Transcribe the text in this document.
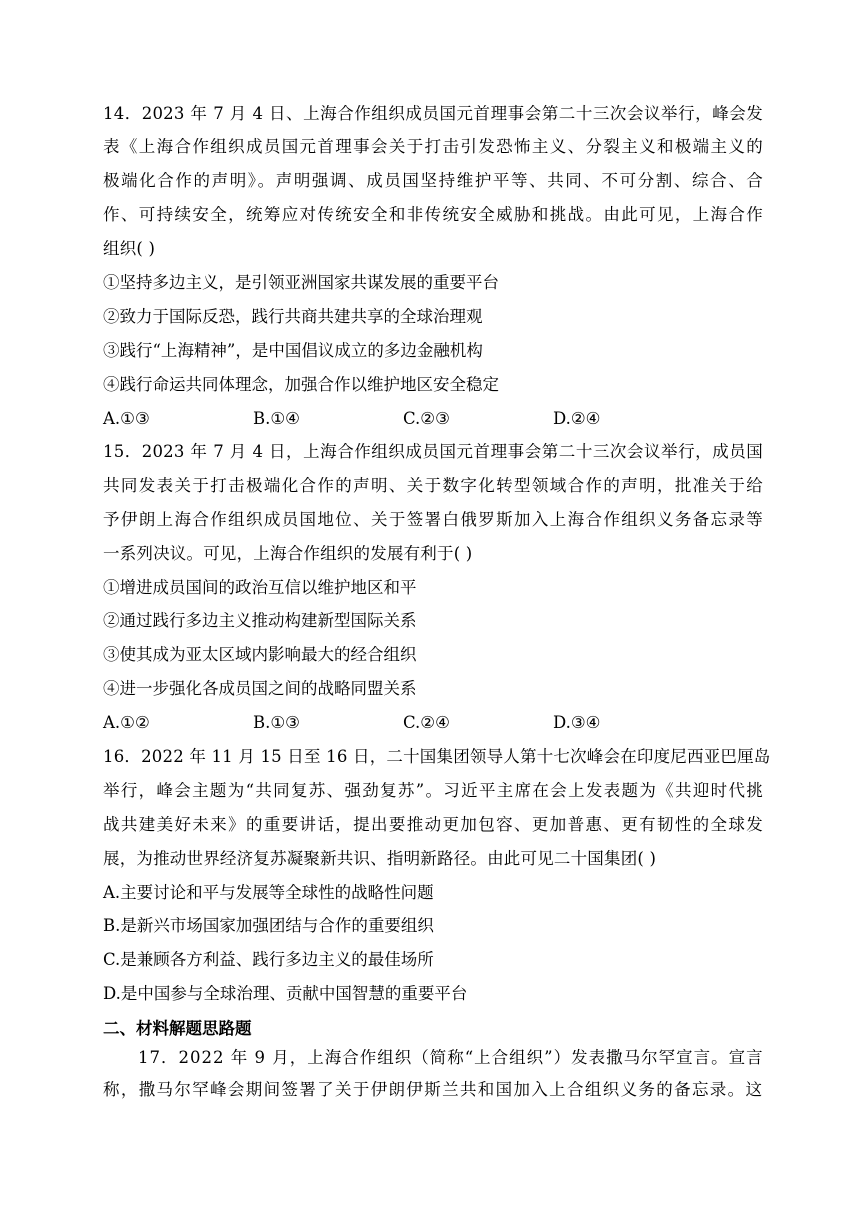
14．2023 年 7 月 4 日、上海合作组织成员国元首理事会第二十三次会议举行，峰会发
表《上海合作组织成员国元首理事会关于打击引发恐怖主义、分裂主义和极端主义的
极端化合作的声明》。声明强调、成员国坚持维护平等、共同、不可分割、综合、合
作、可持续安全，统筹应对传统安全和非传统安全威胁和挑战。由此可见，上海合作
组织( )
①坚持多边主义，是引领亚洲国家共谋发展的重要平台
②致力于国际反恐，践行共商共建共享的全球治理观
③践行“上海精神”，是中国倡议成立的多边金融机构
④践行命运共同体理念，加强合作以维护地区安全稳定
A.①③	B.①④	C.②③	D.②④
15．2023 年 7 月 4 日，上海合作组织成员国元首理事会第二十三次会议举行，成员国
共同发表关于打击极端化合作的声明、关于数字化转型领域合作的声明，批准关于给
予伊朗上海合作组织成员国地位、关于签署白俄罗斯加入上海合作组织义务备忘录等
一系列决议。可见，上海合作组织的发展有利于( )
①增进成员国间的政治互信以维护地区和平
②通过践行多边主义推动构建新型国际关系
③使其成为亚太区域内影响最大的经合组织
④进一步强化各成员国之间的战略同盟关系
A.①②	B.①③	C.②④	D.③④
16．2022 年 11 月 15 日至 16 日，二十国集团领导人第十七次峰会在印度尼西亚巴厘岛
举行，峰会主题为“共同复苏、强劲复苏”。习近平主席在会上发表题为《共迎时代挑
战共建美好未来》的重要讲话，提出要推动更加包容、更加普惠、更有韧性的全球发
展，为推动世界经济复苏凝聚新共识、指明新路径。由此可见二十国集团( )
A.主要讨论和平与发展等全球性的战略性问题
B.是新兴市场国家加强团结与合作的重要组织
C.是兼顾各方利益、践行多边主义的最佳场所
D.是中国参与全球治理、贡献中国智慧的重要平台
二、材料解题思路题
　　17．2022 年 9 月，上海合作组织（简称“上合组织”）发表撒马尔罕宣言。宣言
称，撒马尔罕峰会期间签署了关于伊朗伊斯兰共和国加入上合组织义务的备忘录。这
